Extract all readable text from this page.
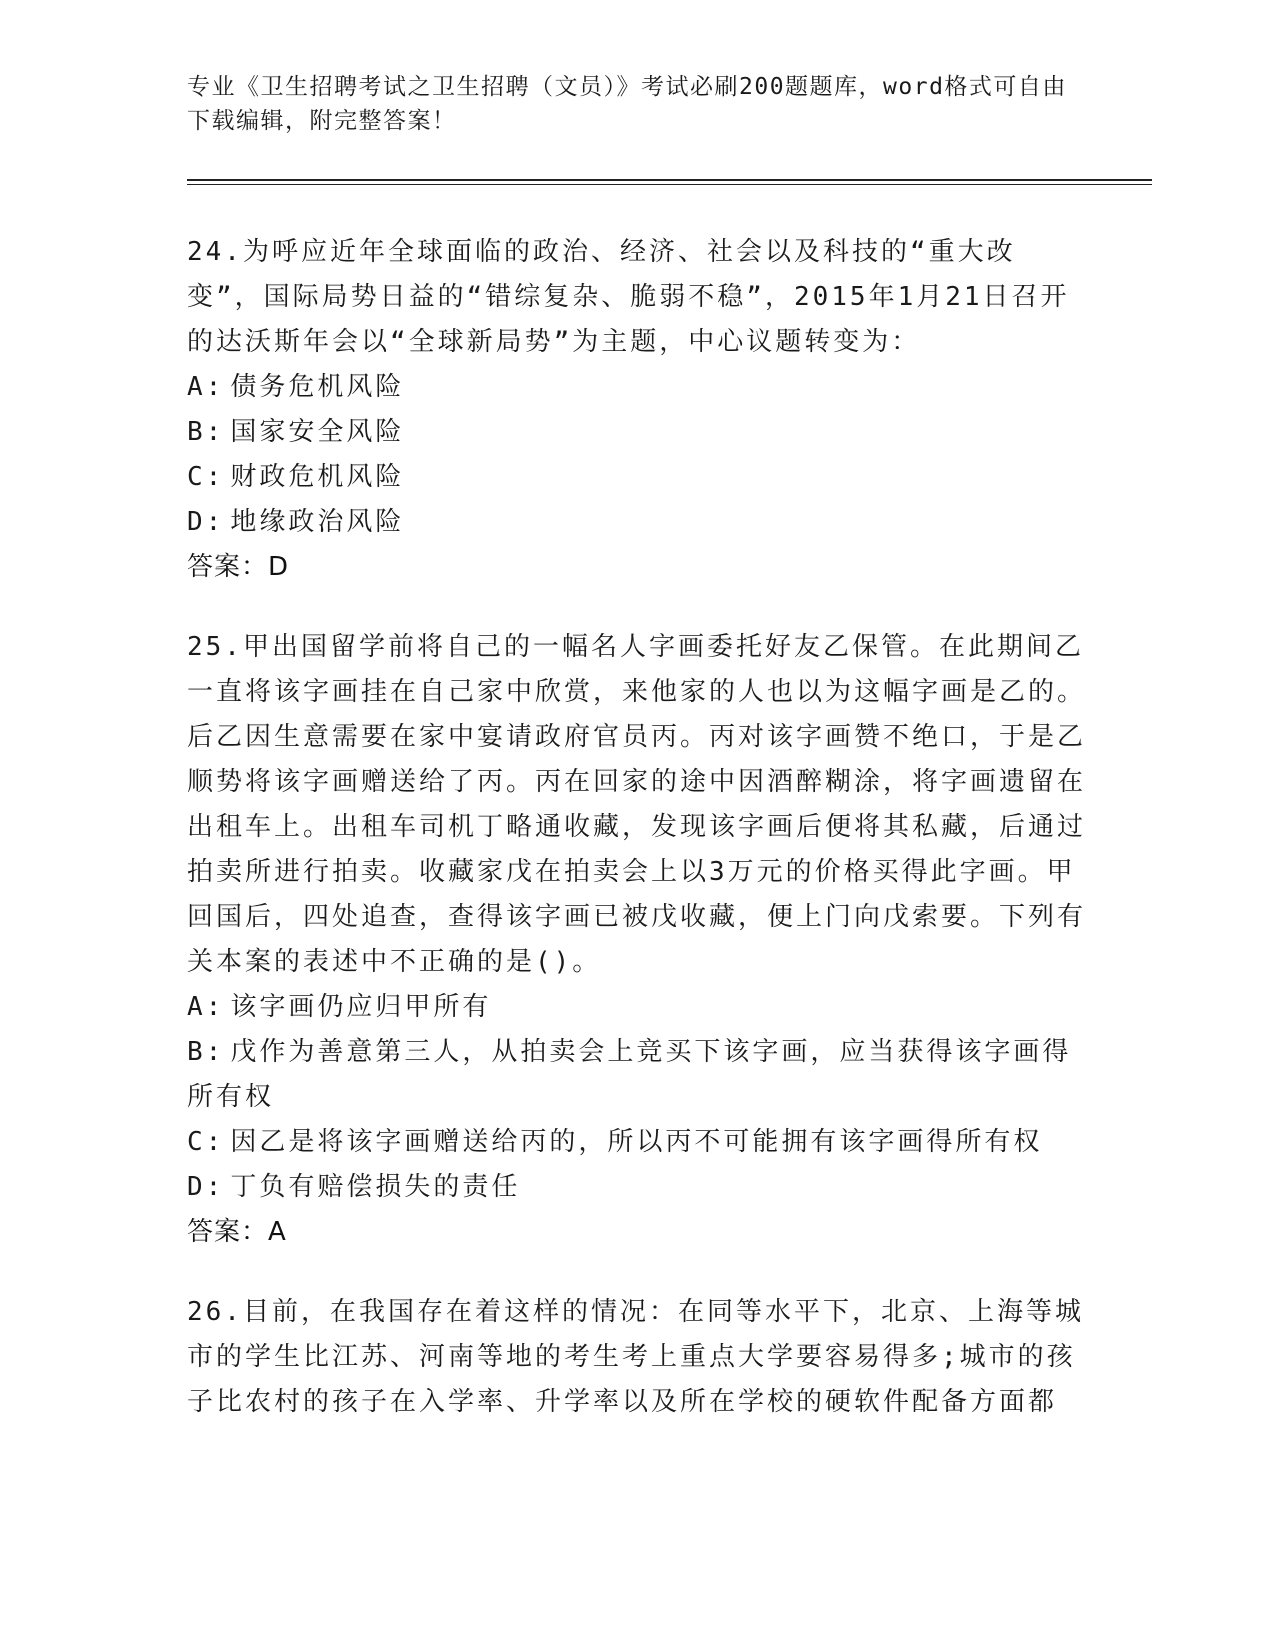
专业《卫生招聘考试之卫生招聘（文员）》考试必刷200题题库，word格式可自由下载编辑，附完整答案！

24.为呼应近年全球面临的政治、经济、社会以及科技的“重大改变”，国际局势日益的“错综复杂、脆弱不稳”，2015年1月21日召开的达沃斯年会以“全球新局势”为主题，中心议题转变为：

A: 债务危机风险
B: 国家安全风险
C: 财政危机风险
D: 地缘政治风险
答案：D

25.甲出国留学前将自己的一幅名人字画委托好友乙保管。在此期间乙一直将该字画挂在自己家中欣赏，来他家的人也以为这幅字画是乙的。后乙因生意需要在家中宴请政府官员丙。丙对该字画赞不绝口，于是乙顺势将该字画赠送给了丙。丙在回家的途中因酒醉糊涂，将字画遗留在出租车上。出租车司机丁略通收藏，发现该字画后便将其私藏，后通过拍卖所进行拍卖。收藏家戊在拍卖会上以3万元的价格买得此字画。甲回国后，四处追查，查得该字画已被戊收藏，便上门向戊索要。下列有关本案的表述中不正确的是()。

A: 该字画仍应归甲所有
B: 戊作为善意第三人，从拍卖会上竞买下该字画，应当获得该字画得所有权
C: 因乙是将该字画赠送给丙的，所以丙不可能拥有该字画得所有权
D: 丁负有赔偿损失的责任
答案：A

26.目前，在我国存在着这样的情况：在同等水平下，北京、上海等城市的学生比江苏、河南等地的考生考上重点大学要容易得多;城市的孩子比农村的孩子在入学率、升学率以及所在学校的硬软件配备方面都
